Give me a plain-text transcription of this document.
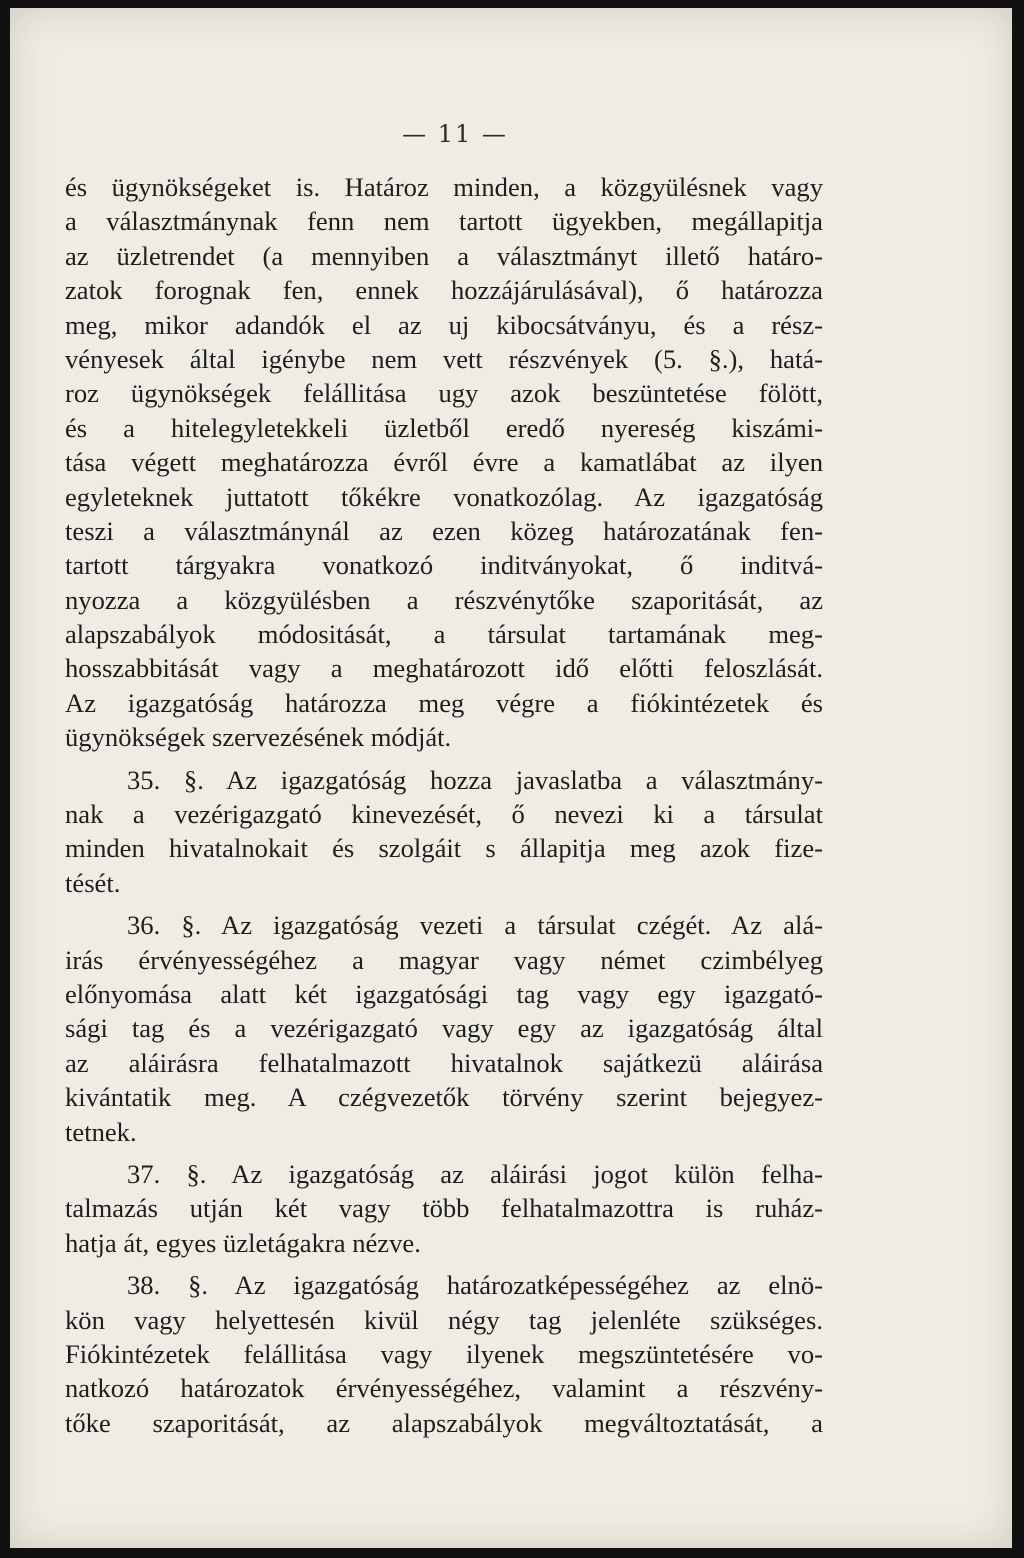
— 11 —
és ügynökségeket is. Határoz minden, a közgyülésnek vagy
a választmánynak fenn nem tartott ügyekben, megállapitja
az üzletrendet (a mennyiben a választmányt illető határo-
zatok forognak fen, ennek hozzájárulásával), ő határozza
meg, mikor adandók el az uj kibocsátványu, és a rész-
vényesek által igénybe nem vett részvények (5. §.), hatá-
roz ügynökségek felállitása ugy azok beszüntetése fölött,
és a hitelegyletekkeli üzletből eredő nyereség kiszámi-
tása végett meghatározza évről évre a kamatlábat az ilyen
egyleteknek juttatott tőkékre vonatkozólag. Az igazgatóság
teszi a választmánynál az ezen közeg határozatának fen-
tartott tárgyakra vonatkozó inditványokat, ő inditvá-
nyozza a közgyülésben a részvénytőke szaporitását, az
alapszabályok módositását, a társulat tartamának meg-
hosszabbitását vagy a meghatározott idő előtti feloszlását.
Az igazgatóság határozza meg végre a fiókintézetek és
ügynökségek szervezésének módját.
35. §. Az igazgatóság hozza javaslatba a választmány-
nak a vezérigazgató kinevezését, ő nevezi ki a társulat
minden hivatalnokait és szolgáit s állapitja meg azok fize-
tését.
36. §. Az igazgatóság vezeti a társulat czégét. Az alá-
irás érvényességéhez a magyar vagy német czimbélyeg
előnyomása alatt két igazgatósági tag vagy egy igazgató-
sági tag és a vezérigazgató vagy egy az igazgatóság által
az aláirásra felhatalmazott hivatalnok sajátkezü aláirása
kivántatik meg. A czégvezetők törvény szerint bejegyez-
tetnek.
37. §. Az igazgatóság az aláirási jogot külön felha-
talmazás utján két vagy több felhatalmazottra is ruház-
hatja át, egyes üzletágakra nézve.
38. §. Az igazgatóság határozatképességéhez az elnö-
kön vagy helyettesén kivül négy tag jelenléte szükséges.
Fiókintézetek felállitása vagy ilyenek megszüntetésére vo-
natkozó határozatok érvényességéhez, valamint a részvény-
tőke szaporitását, az alapszabályok megváltoztatását, a
